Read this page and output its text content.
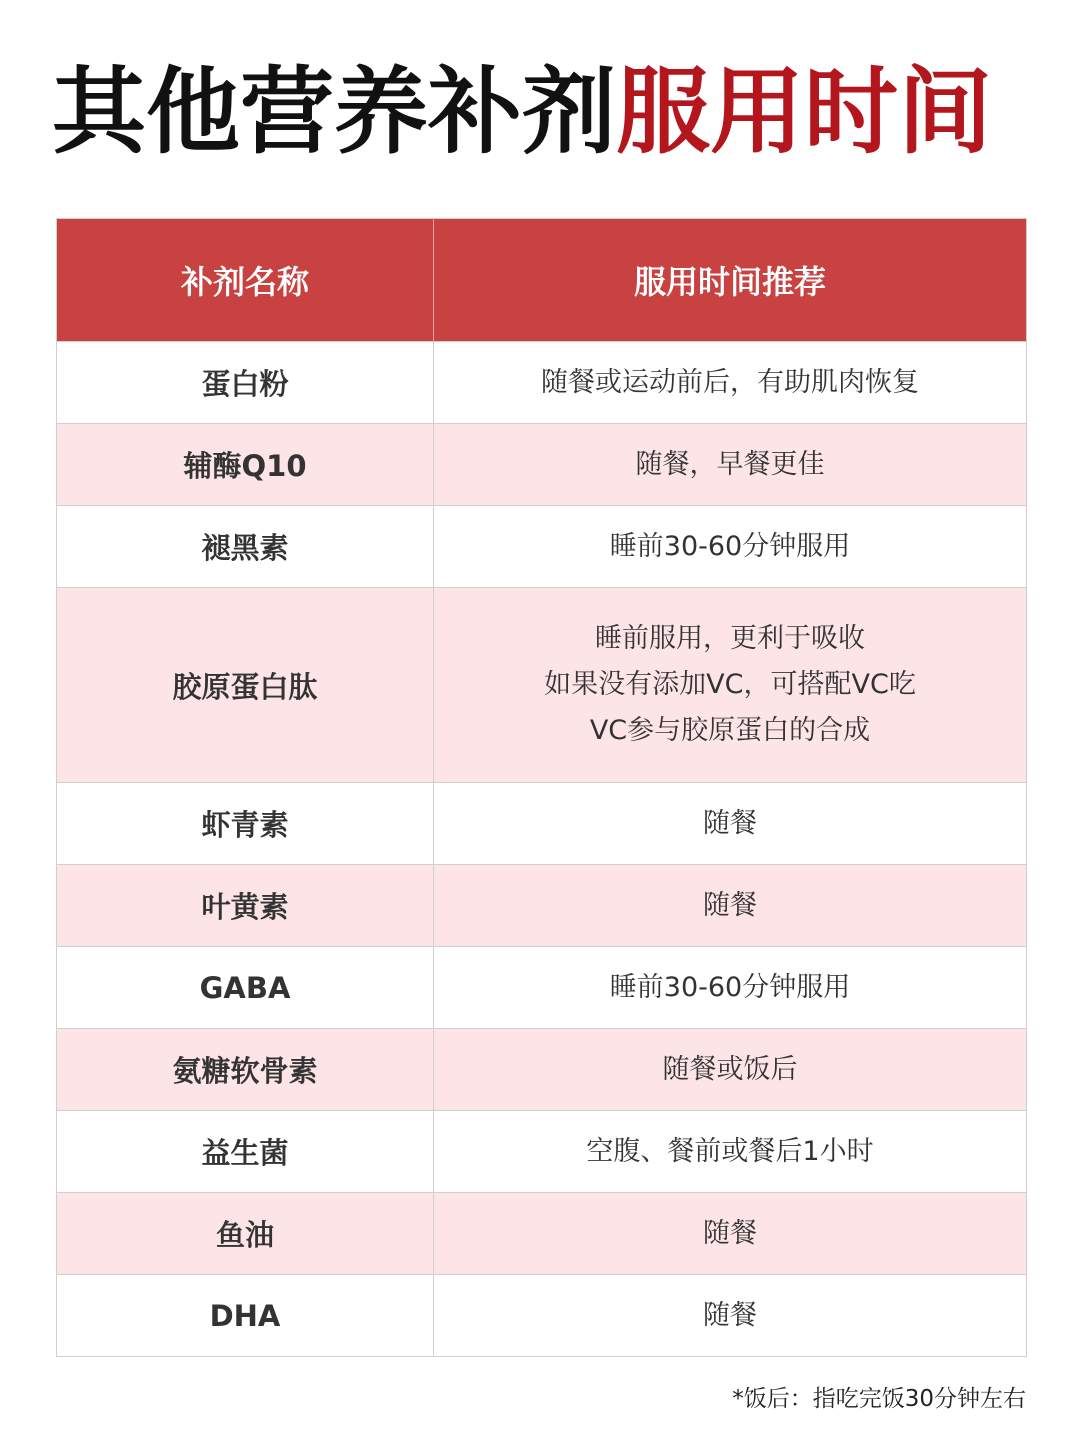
其他营养补剂服用时间
补剂名称	服用时间推荐
蛋白粉	随餐或运动前后，有助肌肉恢复

辅酶Q10	随餐，早餐更佳

褪黑素	睡前30-60分钟服用

胶原蛋白肽	睡前服用，更利于吸收
如果没有添加VC，可搭配VC吃
VC参与胶原蛋白的合成

虾青素	随餐

叶黄素	随餐

GABA	睡前30-60分钟服用

氨糖软骨素	随餐或饭后

益生菌	空腹、餐前或餐后1小时

鱼油	随餐

DHA	随餐
*饭后：指吃完饭30分钟左右
